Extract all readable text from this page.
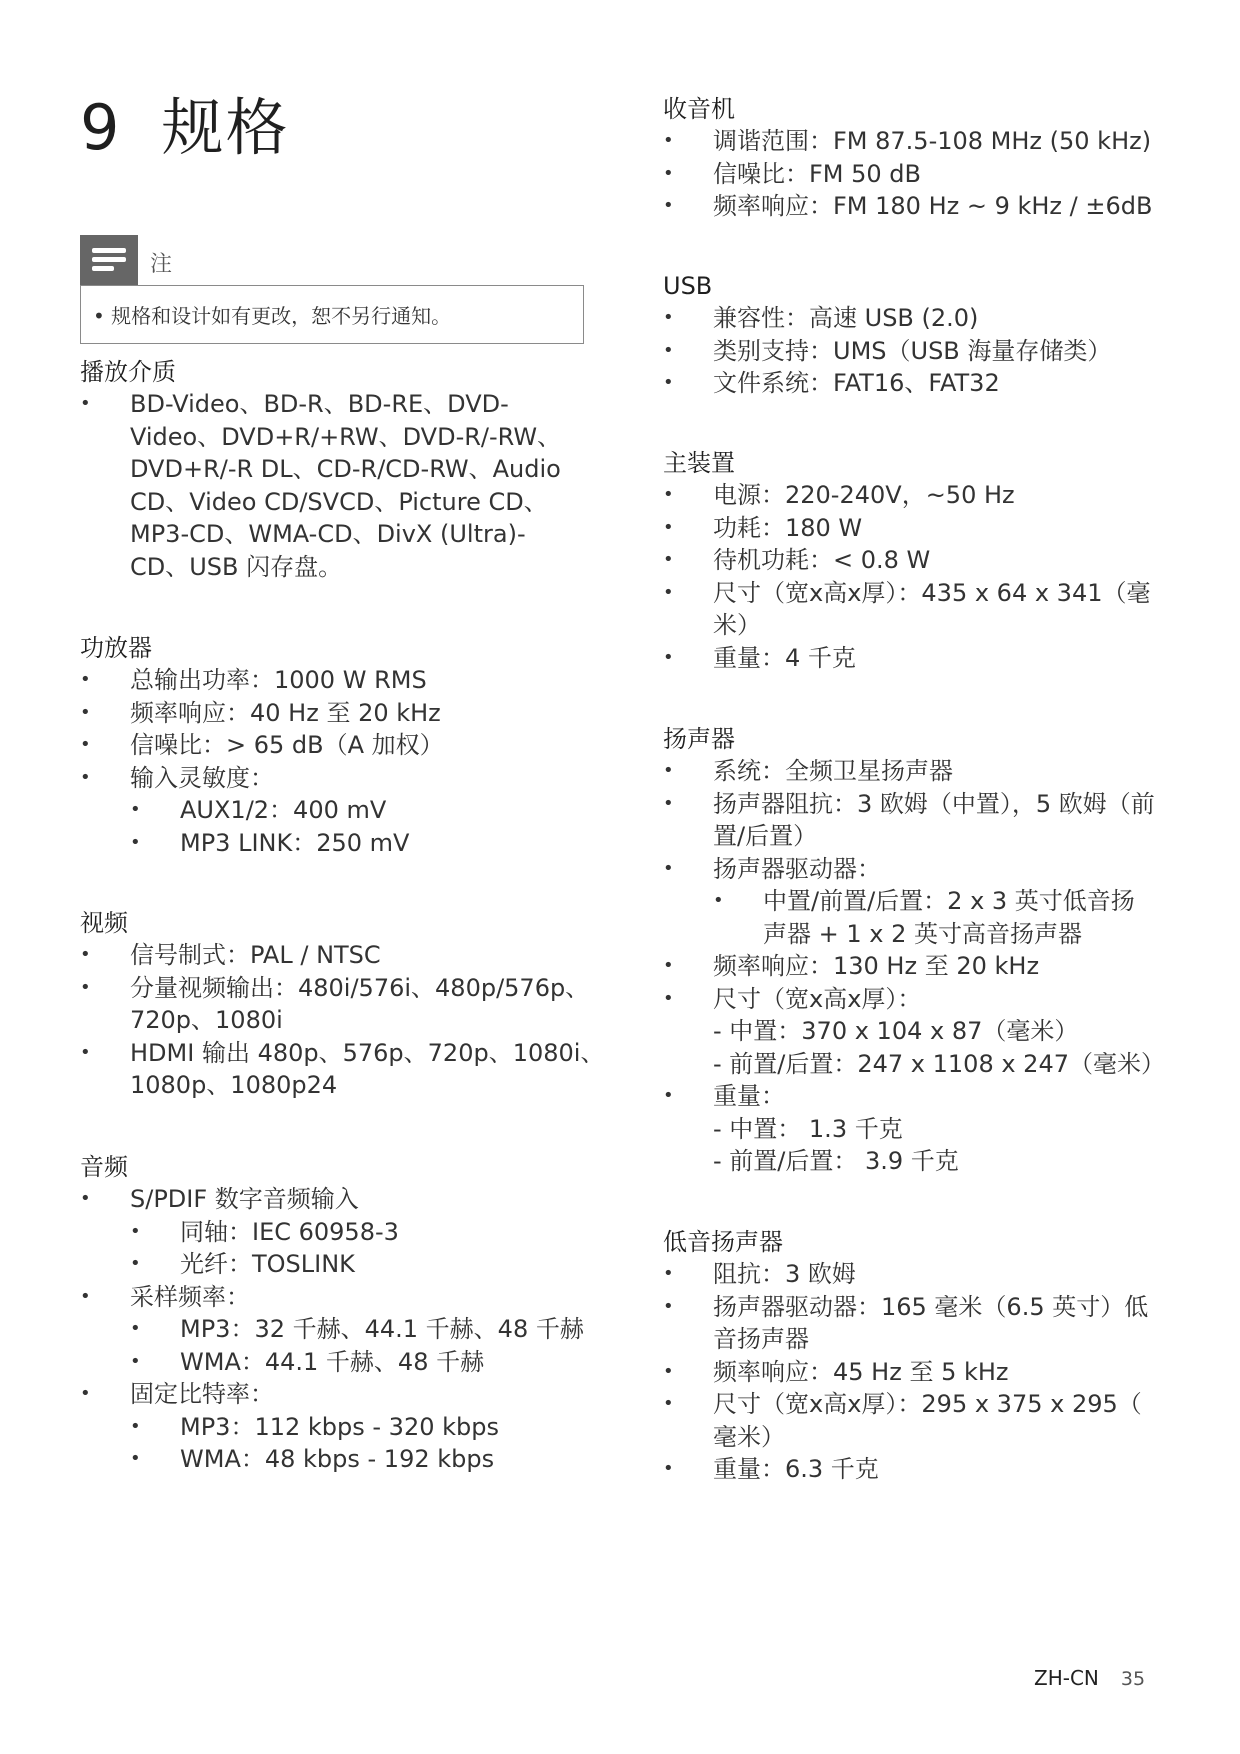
9 规格
注
• 规格和设计如有更改，恕不另行通知。
播放介质
• BD-Video、BD-R、BD-RE、DVD-
Video、DVD+R/+RW、DVD-R/-RW、
DVD+R/-R DL、CD-R/CD-RW、Audio
CD、Video CD/SVCD、Picture CD、
MP3-CD、WMA-CD、DivX (Ultra)-
CD、USB 闪存盘。
功放器
• 总输出功率：1000 W RMS
• 频率响应：40 Hz 至 20 kHz
• 信噪比：> 65 dB（A 加权）
• 输入灵敏度：
• AUX1/2：400 mV
• MP3 LINK：250 mV
视频
• 信号制式：PAL / NTSC
• 分量视频输出：480i/576i、480p/576p、
720p、1080i
• HDMI 输出 480p、576p、720p、1080i、
1080p、1080p24
音频
• S/PDIF 数字音频输入
• 同轴：IEC 60958-3
• 光纤：TOSLINK
• 采样频率：
• MP3：32 千赫、44.1 千赫、48 千赫
• WMA：44.1 千赫、48 千赫
• 固定比特率：
• MP3：112 kbps - 320 kbps
• WMA：48 kbps - 192 kbps
收音机
• 调谐范围：FM 87.5-108 MHz (50 kHz)
• 信噪比：FM 50 dB
• 频率响应：FM 180 Hz ~ 9 kHz / ±6dB
USB
• 兼容性：高速 USB (2.0)
• 类别支持：UMS（USB 海量存储类）
• 文件系统：FAT16、FAT32
主装置
• 电源：220-240V，~50 Hz
• 功耗：180 W
• 待机功耗：< 0.8 W
• 尺寸（宽x高x厚）：435 x 64 x 341（毫
米）
• 重量：4 千克
扬声器
• 系统：全频卫星扬声器
• 扬声器阻抗：3 欧姆（中置），5 欧姆（前
置/后置）
• 扬声器驱动器：
• 中置/前置/后置：2 x 3 英寸低音扬
声器 + 1 x 2 英寸高音扬声器
• 频率响应：130 Hz 至 20 kHz
• 尺寸（宽x高x厚）：
- 中置：370 x 104 x 87（毫米）
- 前置/后置：247 x 1108 x 247（毫米）
• 重量：
- 中置： 1.3 千克
- 前置/后置： 3.9 千克
低音扬声器
• 阻抗：3 欧姆
• 扬声器驱动器：165 毫米（6.5 英寸）低
音扬声器
• 频率响应：45 Hz 至 5 kHz
• 尺寸（宽x高x厚）：295 x 375 x 295（
毫米）
• 重量：6.3 千克
ZH-CN 35
